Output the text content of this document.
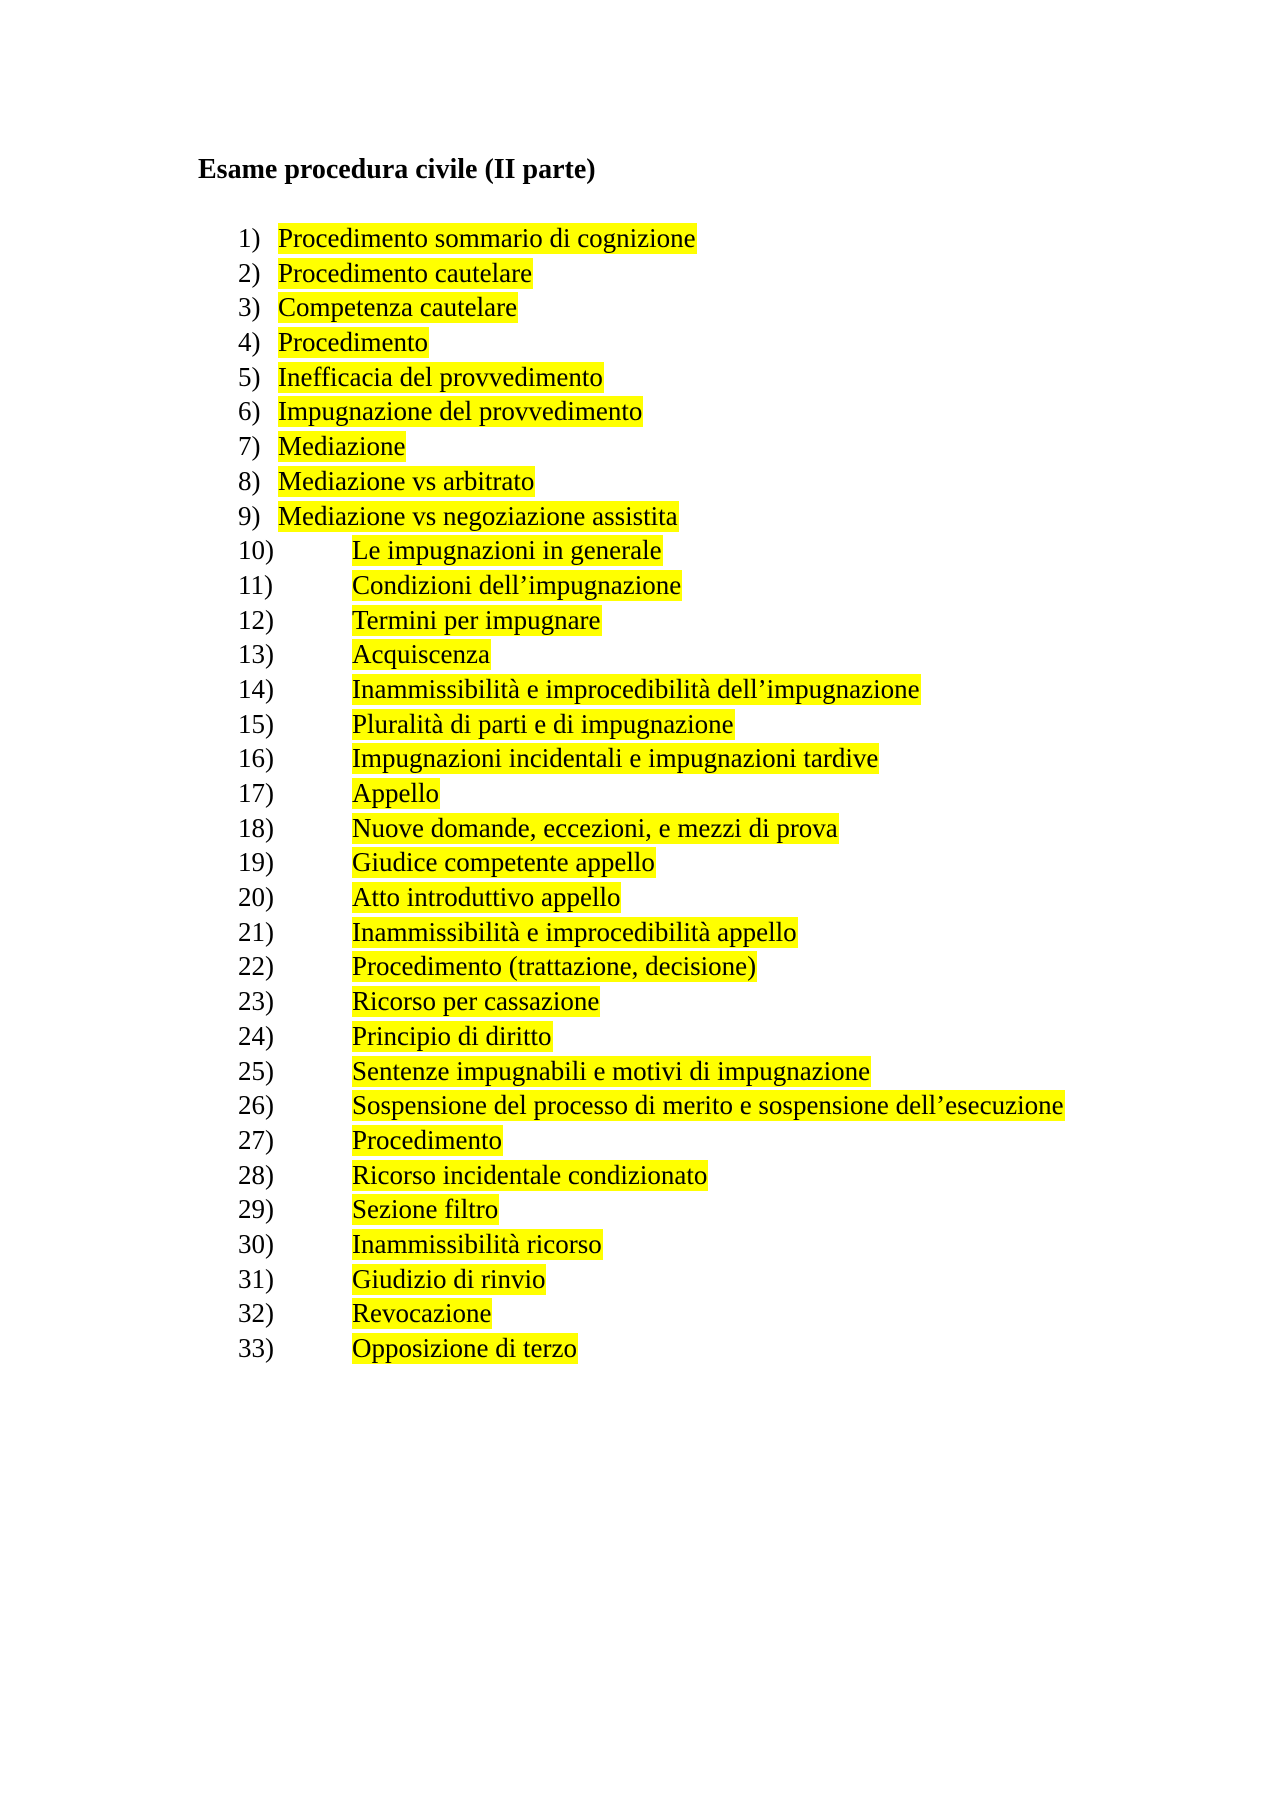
Esame procedura civile (II parte)
1) Procedimento sommario di cognizione
2) Procedimento cautelare
3) Competenza cautelare
4) Procedimento
5) Inefficacia del provvedimento
6) Impugnazione del provvedimento
7) Mediazione
8) Mediazione vs arbitrato
9) Mediazione vs negoziazione assistita
10)	Le impugnazioni in generale
11)	Condizioni dell’impugnazione
12)	Termini per impugnare
13)	Acquiscenza
14)	Inammissibilità e improcedibilità dell’impugnazione
15)	Pluralità di parti e di impugnazione
16)	Impugnazioni incidentali e impugnazioni tardive
17)	Appello
18)	Nuove domande, eccezioni, e mezzi di prova
19)	Giudice competente appello
20)	Atto introduttivo appello
21)	Inammissibilità e improcedibilità appello
22)	Procedimento (trattazione, decisione)
23)	Ricorso per cassazione
24)	Principio di diritto
25)	Sentenze impugnabili e motivi di impugnazione
26)	Sospensione del processo di merito e sospensione dell’esecuzione
27)	Procedimento
28)	Ricorso incidentale condizionato
29)	Sezione filtro
30)	Inammissibilità ricorso
31)	Giudizio di rinvio
32)	Revocazione
33)	Opposizione di terzo
